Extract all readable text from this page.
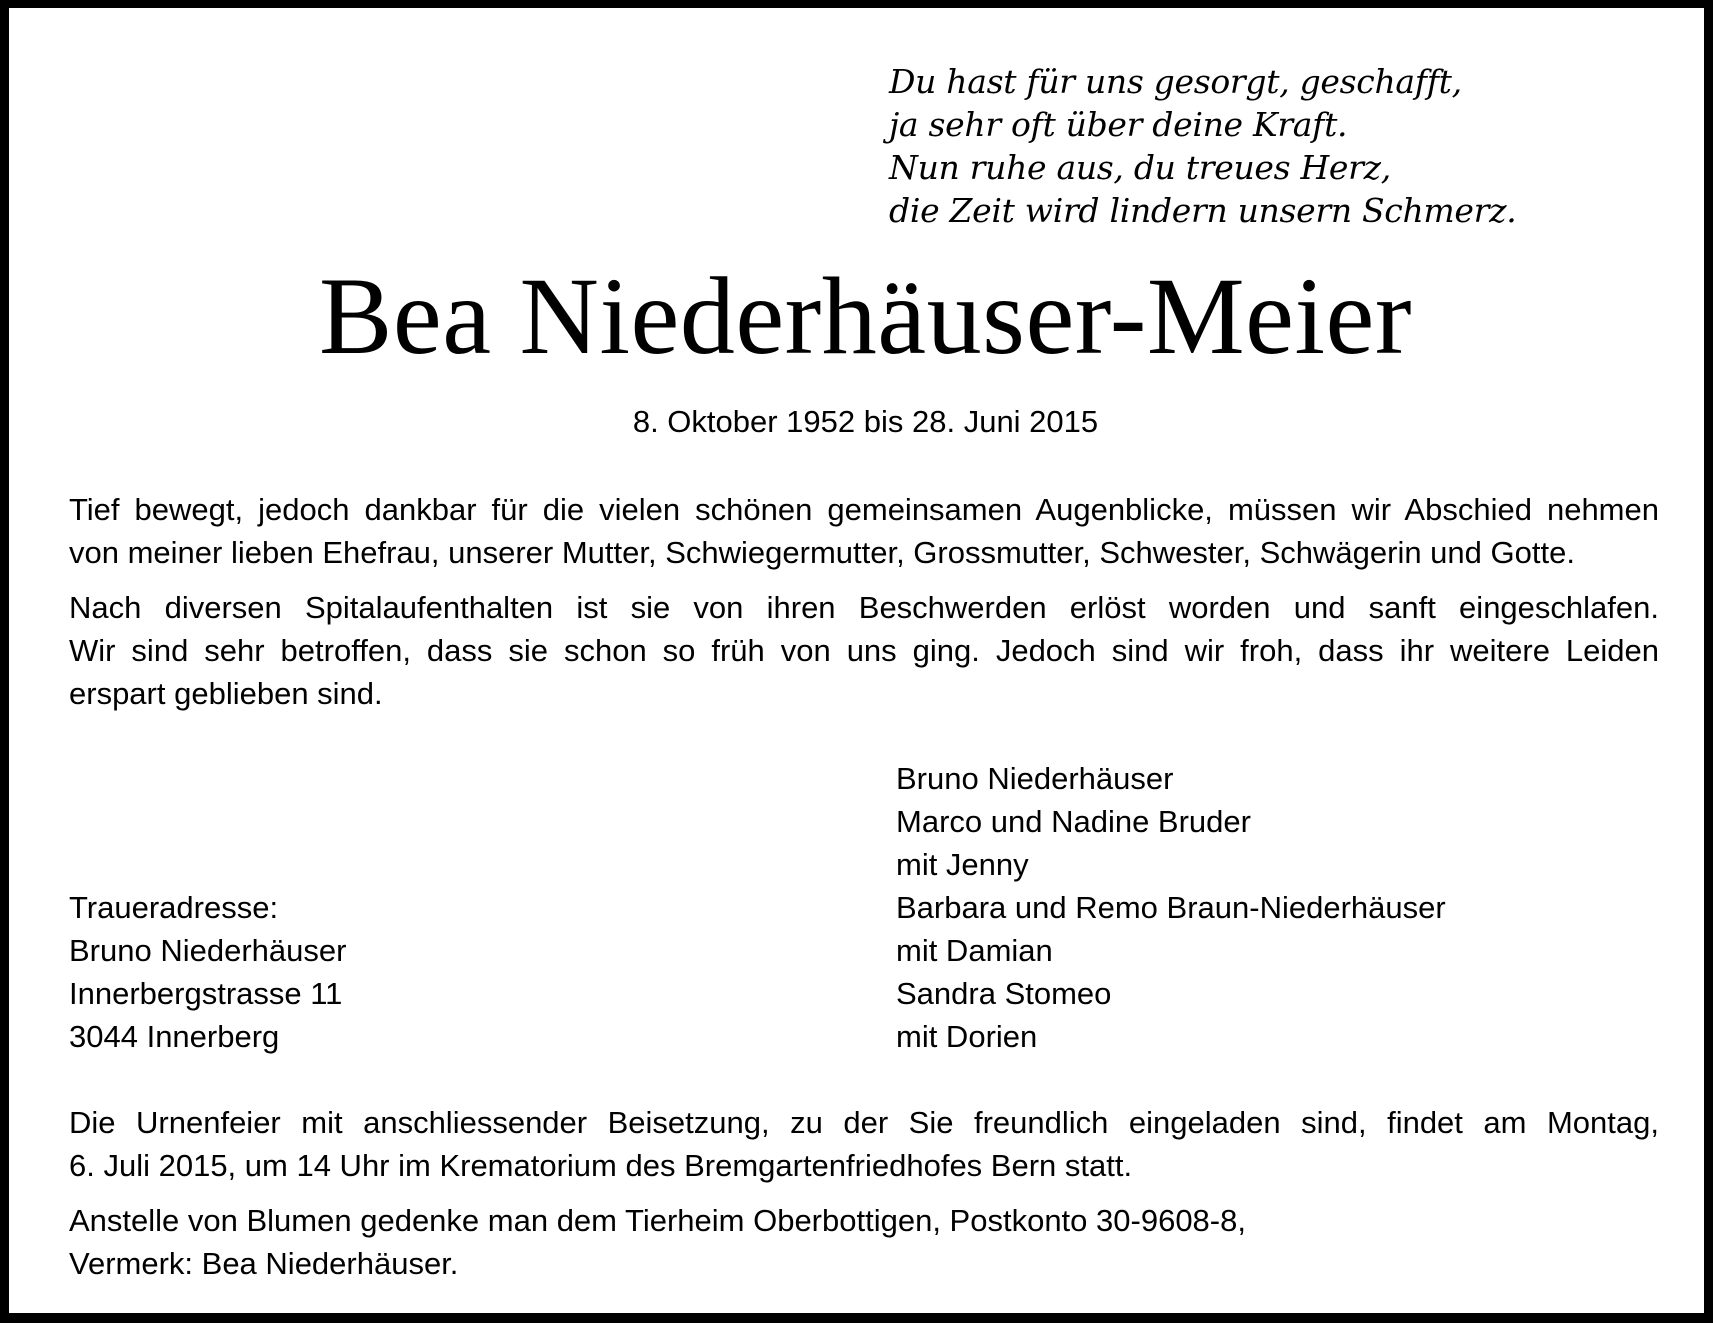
Du hast für uns gesorgt, geschafft,
ja sehr oft über deine Kraft.
Nun ruhe aus, du treues Herz,
die Zeit wird lindern unsern Schmerz.
Bea Niederhäuser-Meier
8. Oktober 1952 bis 28. Juni 2015
Tief bewegt, jedoch dankbar für die vielen schönen gemeinsamen Augenblicke, müssen wir Abschied nehmen
von meiner lieben Ehefrau, unserer Mutter, Schwiegermutter, Grossmutter, Schwester, Schwägerin und Gotte.
Nach diversen Spitalaufenthalten ist sie von ihren Beschwerden erlöst worden und sanft eingeschlafen.
Wir sind sehr betroffen, dass sie schon so früh von uns ging. Jedoch sind wir froh, dass ihr weitere Leiden
erspart geblieben sind.
Bruno Niederhäuser
Marco und Nadine Bruder
mit Jenny
Barbara und Remo Braun-Niederhäuser
mit Damian
Sandra Stomeo
mit Dorien
Traueradresse:
Bruno Niederhäuser
Innerbergstrasse 11
3044 Innerberg
Die Urnenfeier mit anschliessender Beisetzung, zu der Sie freundlich eingeladen sind, findet am Montag,
6. Juli 2015, um 14 Uhr im Krematorium des Bremgartenfriedhofes Bern statt.
Anstelle von Blumen gedenke man dem Tierheim Oberbottigen, Postkonto 30-9608-8,
Vermerk: Bea Niederhäuser.
